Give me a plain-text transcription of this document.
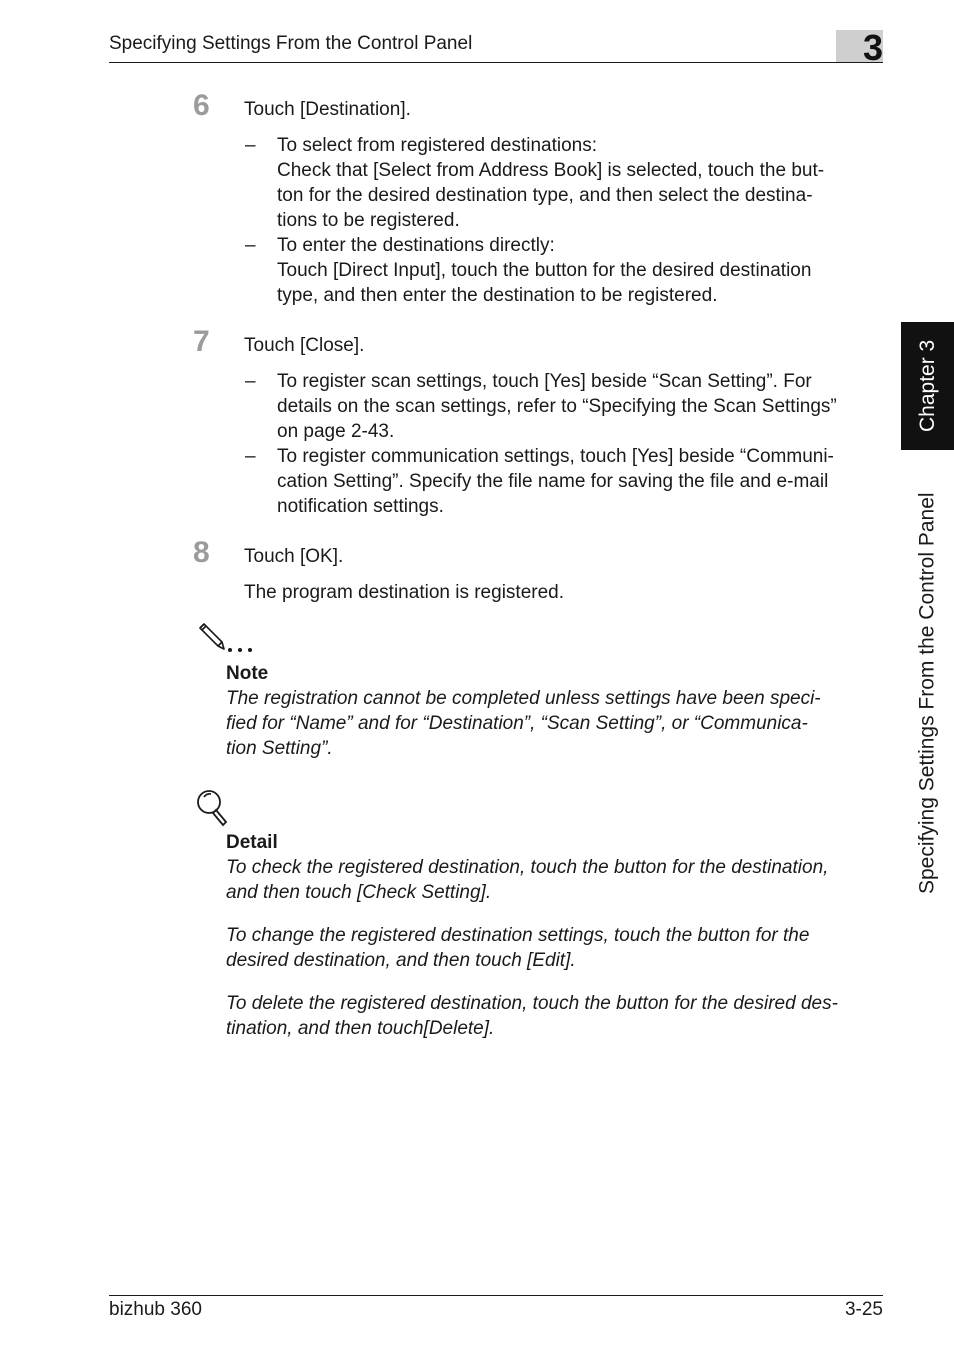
Specifying Settings From the Control Panel	3
Chapter 3
Specifying Settings From the Control Panel
6 Touch [Destination].
– To select from registered destinations:
Check that [Select from Address Book] is selected, touch the but-
ton for the desired destination type, and then select the destina-
tions to be registered.
– To enter the destinations directly:
Touch [Direct Input], touch the button for the desired destination
type, and then enter the destination to be registered.
7 Touch [Close].
– To register scan settings, touch [Yes] beside “Scan Setting”. For
details on the scan settings, refer to “Specifying the Scan Settings”
on page 2-43.
– To register communication settings, touch [Yes] beside “Communi-
cation Setting”. Specify the file name for saving the file and e-mail
notification settings.
8 Touch [OK].
The program destination is registered.
Note
The registration cannot be completed unless settings have been speci-
fied for “Name” and for “Destination”, “Scan Setting”, or “Communica-
tion Setting”.
Detail
To check the registered destination, touch the button for the destination,
and then touch [Check Setting].
To change the registered destination settings, touch the button for the
desired destination, and then touch [Edit].
To delete the registered destination, touch the button for the desired des-
tination, and then touch[Delete].
bizhub 360	3-25
